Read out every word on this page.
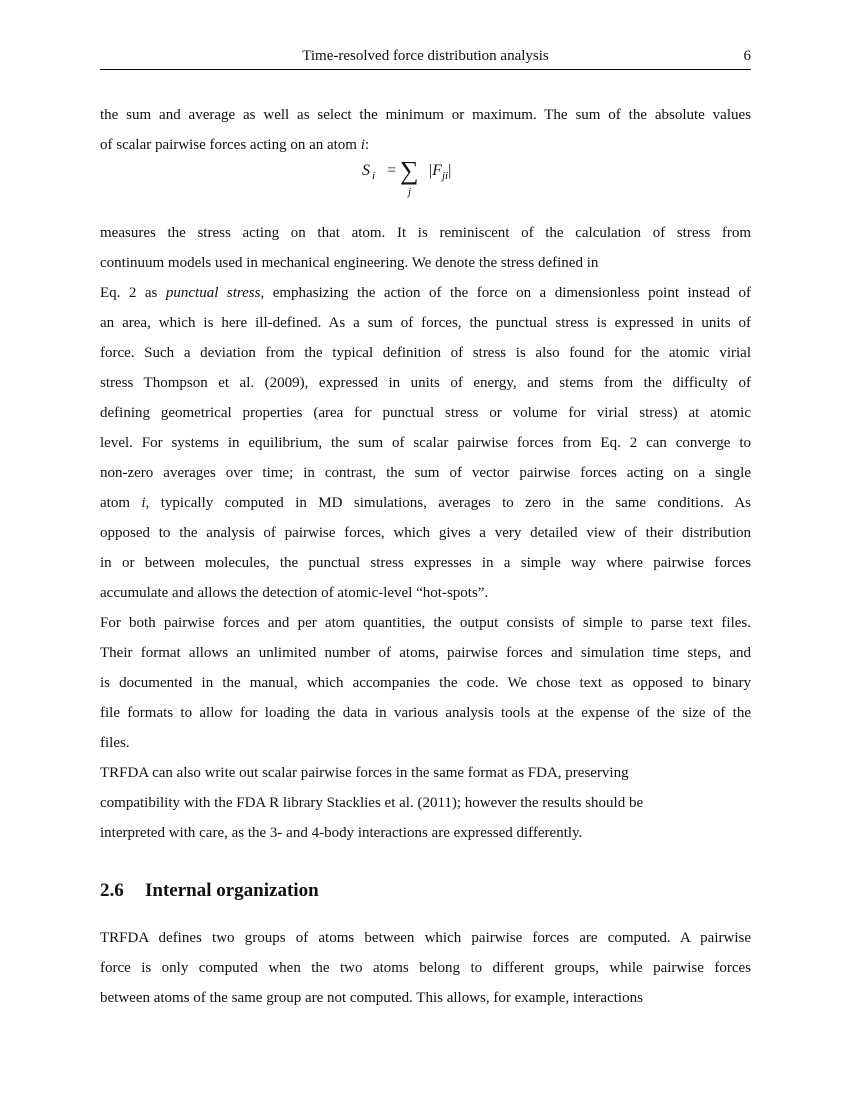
Time-resolved force distribution analysis	6
the sum and average as well as select the minimum or maximum. The sum of the absolute values
of scalar pairwise forces acting on an atom i:
S i = ∑
j
$|F_{ji}|$
measures the stress acting on that atom. It is reminiscent of the calculation of stress from
continuum models used in mechanical engineering. We denote the stress defined in
Eq. 2 as punctual stress, emphasizing the action of the force on a dimensionless point instead of
an area, which is here ill-defined. As a sum of forces, the punctual stress is expressed in units of
force. Such a deviation from the typical definition of stress is also found for the atomic virial
stress Thompson et al. (2009), expressed in units of energy, and stems from the difficulty of
defining geometrical properties (area for punctual stress or volume for virial stress) at atomic
level. For systems in equilibrium, the sum of scalar pairwise forces from Eq. 2 can converge to
non-zero averages over time; in contrast, the sum of vector pairwise forces acting on a single
atom i, typically computed in MD simulations, averages to zero in the same conditions. As
opposed to the analysis of pairwise forces, which gives a very detailed view of their distribution
in or between molecules, the punctual stress expresses in a simple way where pairwise forces
accumulate and allows the detection of atomic-level “hot-spots”.
For both pairwise forces and per atom quantities, the output consists of simple to parse text files.
Their format allows an unlimited number of atoms, pairwise forces and simulation time steps, and
is documented in the manual, which accompanies the code. We chose text as opposed to binary
file formats to allow for loading the data in various analysis tools at the expense of the size of the
files.
TRFDA can also write out scalar pairwise forces in the same format as FDA, preserving
compatibility with the FDA R library Stacklies et al. (2011); however the results should be
interpreted with care, as the 3- and 4-body interactions are expressed differently.
2.6 Internal organization
TRFDA defines two groups of atoms between which pairwise forces are computed. A pairwise
force is only computed when the two atoms belong to different groups, while pairwise forces
between atoms of the same group are not computed. This allows, for example, interactions
